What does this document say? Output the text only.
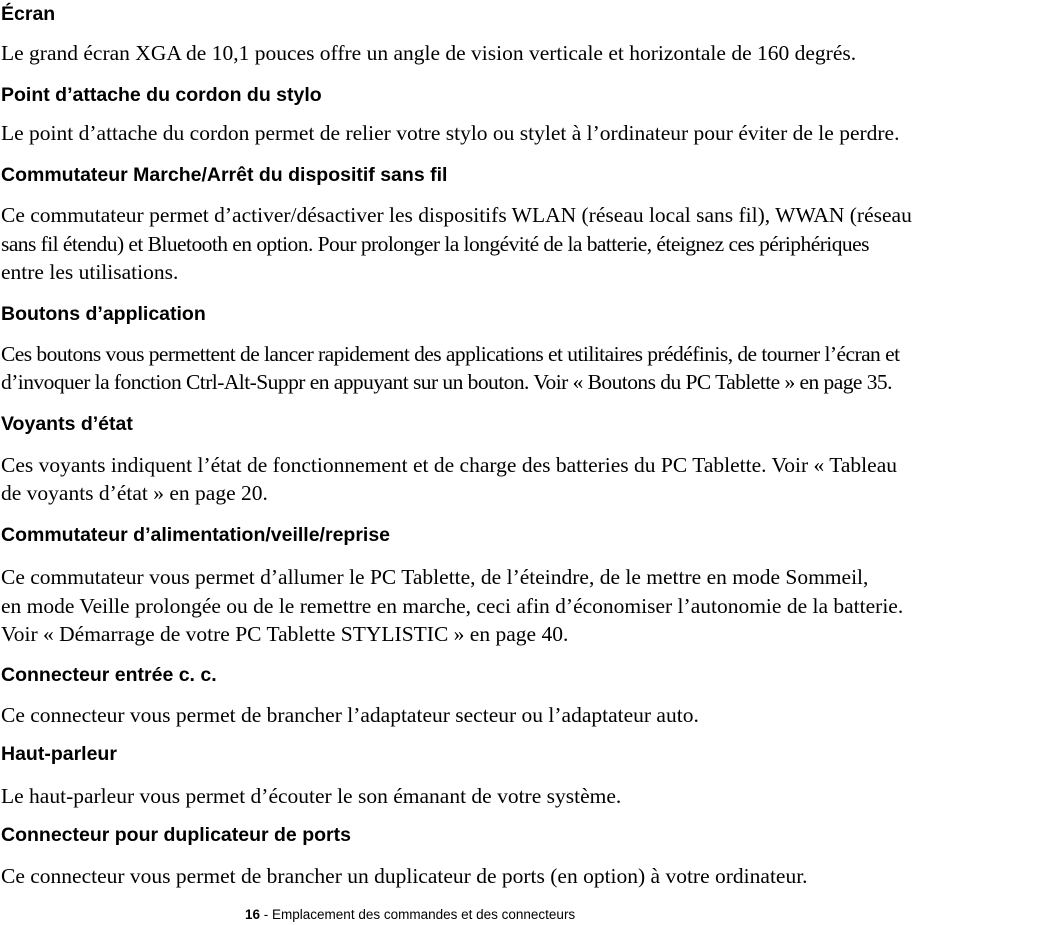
Écran

Le grand écran XGA de 10,1 pouces offre un angle de vision verticale et horizontale de 160 degrés.

Point d’attache du cordon du stylo

Le point d’attache du cordon permet de relier votre stylo ou stylet à l’ordinateur pour éviter de le perdre.

Commutateur Marche/Arrêt du dispositif sans fil

Ce commutateur permet d’activer/désactiver les dispositifs WLAN (réseau local sans fil), WWAN (réseau

sans fil étendu) et Bluetooth en option. Pour prolonger la longévité de la batterie, éteignez ces périphériques

entre les utilisations.

Boutons d’application

Ces boutons vous permettent de lancer rapidement des applications et utilitaires prédéfinis, de tourner l’écran et

d’invoquer la fonction Ctrl-Alt-Suppr en appuyant sur un bouton. Voir « Boutons du PC Tablette » en page 35.

Voyants d’état

Ces voyants indiquent l’état de fonctionnement et de charge des batteries du PC Tablette. Voir « Tableau

de voyants d’état » en page 20.

Commutateur d’alimentation/veille/reprise

Ce commutateur vous permet d’allumer le PC Tablette, de l’éteindre, de le mettre en mode Sommeil,

en mode Veille prolongée ou de le remettre en marche, ceci afin d’économiser l’autonomie de la batterie.

Voir « Démarrage de votre PC Tablette STYLISTIC » en page 40.

Connecteur entrée c. c.

Ce connecteur vous permet de brancher l’adaptateur secteur ou l’adaptateur auto.

Haut-parleur

Le haut-parleur vous permet d’écouter le son émanant de votre système.

Connecteur pour duplicateur de ports

Ce connecteur vous permet de brancher un duplicateur de ports (en option) à votre ordinateur.

16 - Emplacement des commandes et des connecteurs
